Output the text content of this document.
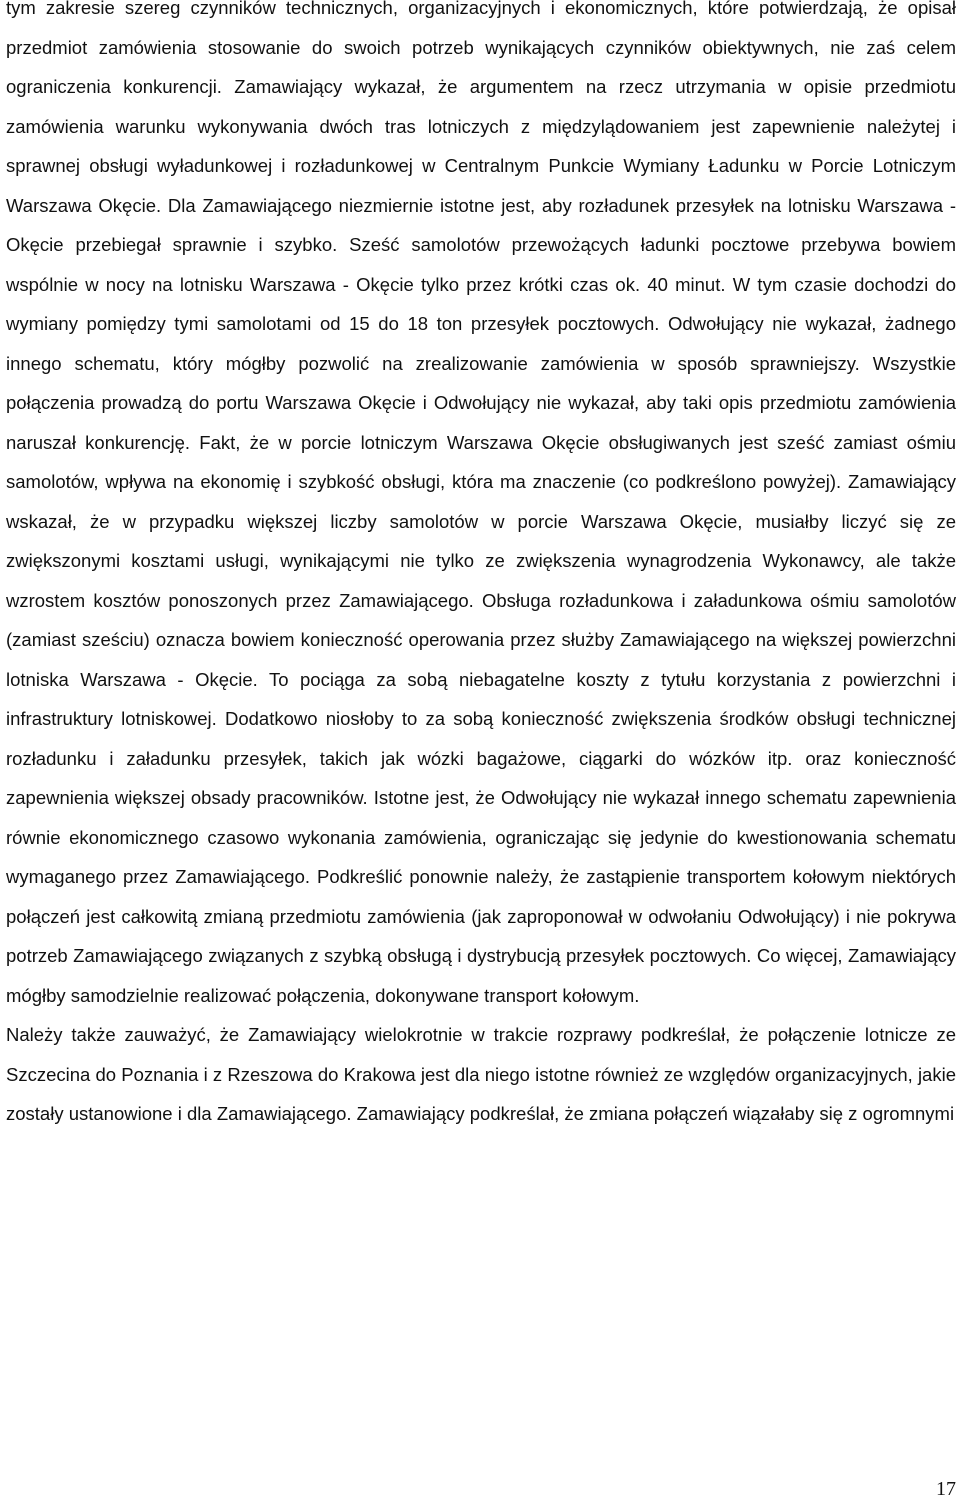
tym zakresie szereg czynników technicznych, organizacyjnych i ekonomicznych, które potwierdzają, że opisał przedmiot zamówienia stosowanie do swoich potrzeb wynikających czynników obiektywnych, nie zaś celem ograniczenia konkurencji. Zamawiający wykazał, że argumentem na rzecz utrzymania w opisie przedmiotu zamówienia warunku wykonywania dwóch tras lotniczych z międzylądowaniem jest zapewnienie należytej i sprawnej obsługi wyładunkowej i rozładunkowej w Centralnym Punkcie Wymiany Ładunku w Porcie Lotniczym Warszawa Okęcie. Dla Zamawiającego niezmiernie istotne jest, aby rozładunek przesyłek na lotnisku Warszawa - Okęcie przebiegał sprawnie i szybko. Sześć samolotów przewożących ładunki pocztowe przebywa bowiem wspólnie w nocy na lotnisku Warszawa - Okęcie tylko przez krótki czas ok. 40 minut. W tym czasie dochodzi do wymiany pomiędzy tymi samolotami od 15 do 18 ton przesyłek pocztowych. Odwołujący nie wykazał, żadnego innego schematu, który mógłby pozwolić na zrealizowanie zamówienia w sposób sprawniejszy. Wszystkie połączenia prowadzą do portu Warszawa Okęcie i Odwołujący nie wykazał, aby taki opis przedmiotu zamówienia naruszał konkurencję. Fakt, że w porcie lotniczym Warszawa Okęcie obsługiwanych jest sześć zamiast ośmiu samolotów, wpływa na ekonomię i szybkość obsługi, która ma znaczenie (co podkreślono powyżej). Zamawiający wskazał, że w przypadku większej liczby samolotów w porcie Warszawa Okęcie, musiałby liczyć się ze zwiększonymi kosztami usługi, wynikającymi nie tylko ze zwiększenia wynagrodzenia Wykonawcy, ale także wzrostem kosztów ponoszonych przez Zamawiającego. Obsługa rozładunkowa i załadunkowa ośmiu samolotów (zamiast sześciu) oznacza bowiem konieczność operowania przez służby Zamawiającego na większej powierzchni lotniska Warszawa - Okęcie. To pociąga za sobą niebagatelne koszty z tytułu korzystania z powierzchni i infrastruktury lotniskowej. Dodatkowo niosłoby to za sobą konieczność zwiększenia środków obsługi technicznej rozładunku i załadunku przesyłek, takich jak wózki bagażowe, ciągarki do wózków itp. oraz konieczność zapewnienia większej obsady pracowników. Istotne jest, że Odwołujący nie wykazał innego schematu zapewnienia równie ekonomicznego czasowo wykonania zamówienia, ograniczając się jedynie do kwestionowania schematu wymaganego przez Zamawiającego. Podkreślić ponownie należy, że zastąpienie transportem kołowym niektórych połączeń jest całkowitą zmianą przedmiotu zamówienia (jak zaproponował w odwołaniu Odwołujący) i nie pokrywa potrzeb Zamawiającego związanych z szybką obsługą i dystrybucją przesyłek pocztowych. Co więcej, Zamawiający mógłby samodzielnie realizować połączenia, dokonywane transport kołowym.

Należy także zauważyć, że Zamawiający wielokrotnie w trakcie rozprawy podkreślał, że połączenie lotnicze ze Szczecina do Poznania i z Rzeszowa do Krakowa jest dla niego istotne również ze względów organizacyjnych, jakie zostały ustanowione i dla Zamawiającego. Zamawiający podkreślał, że zmiana połączeń wiązałaby się z ogromnymi

17
